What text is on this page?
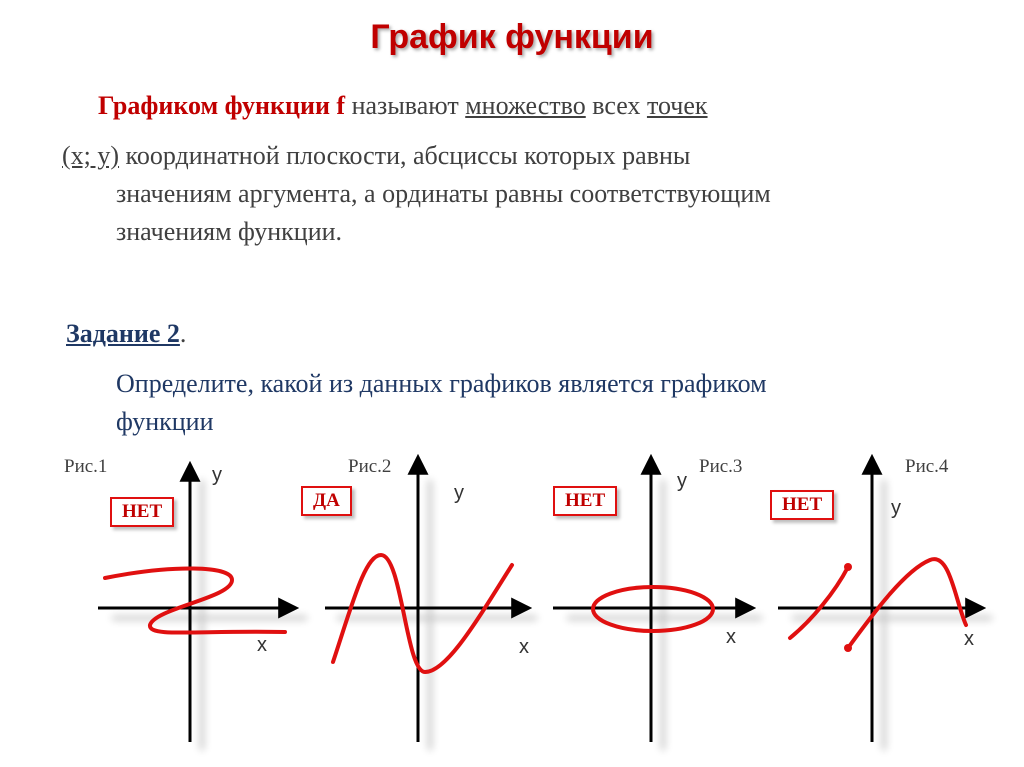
График функции

Графиком функции f называют множество всех точек

(x; y) координатной плоскости, абсциссы которых равны

значениям аргумента, а ординаты равны соответствующим

значениям функции.

Задание 2.

Определите, какой из данных графиков является графиком

функции

Рис.1	Рис.2	Рис.3	Рис.4
НЕТ
ДА	НЕТ	НЕТ
y
x
y
x
y
x
y
x
